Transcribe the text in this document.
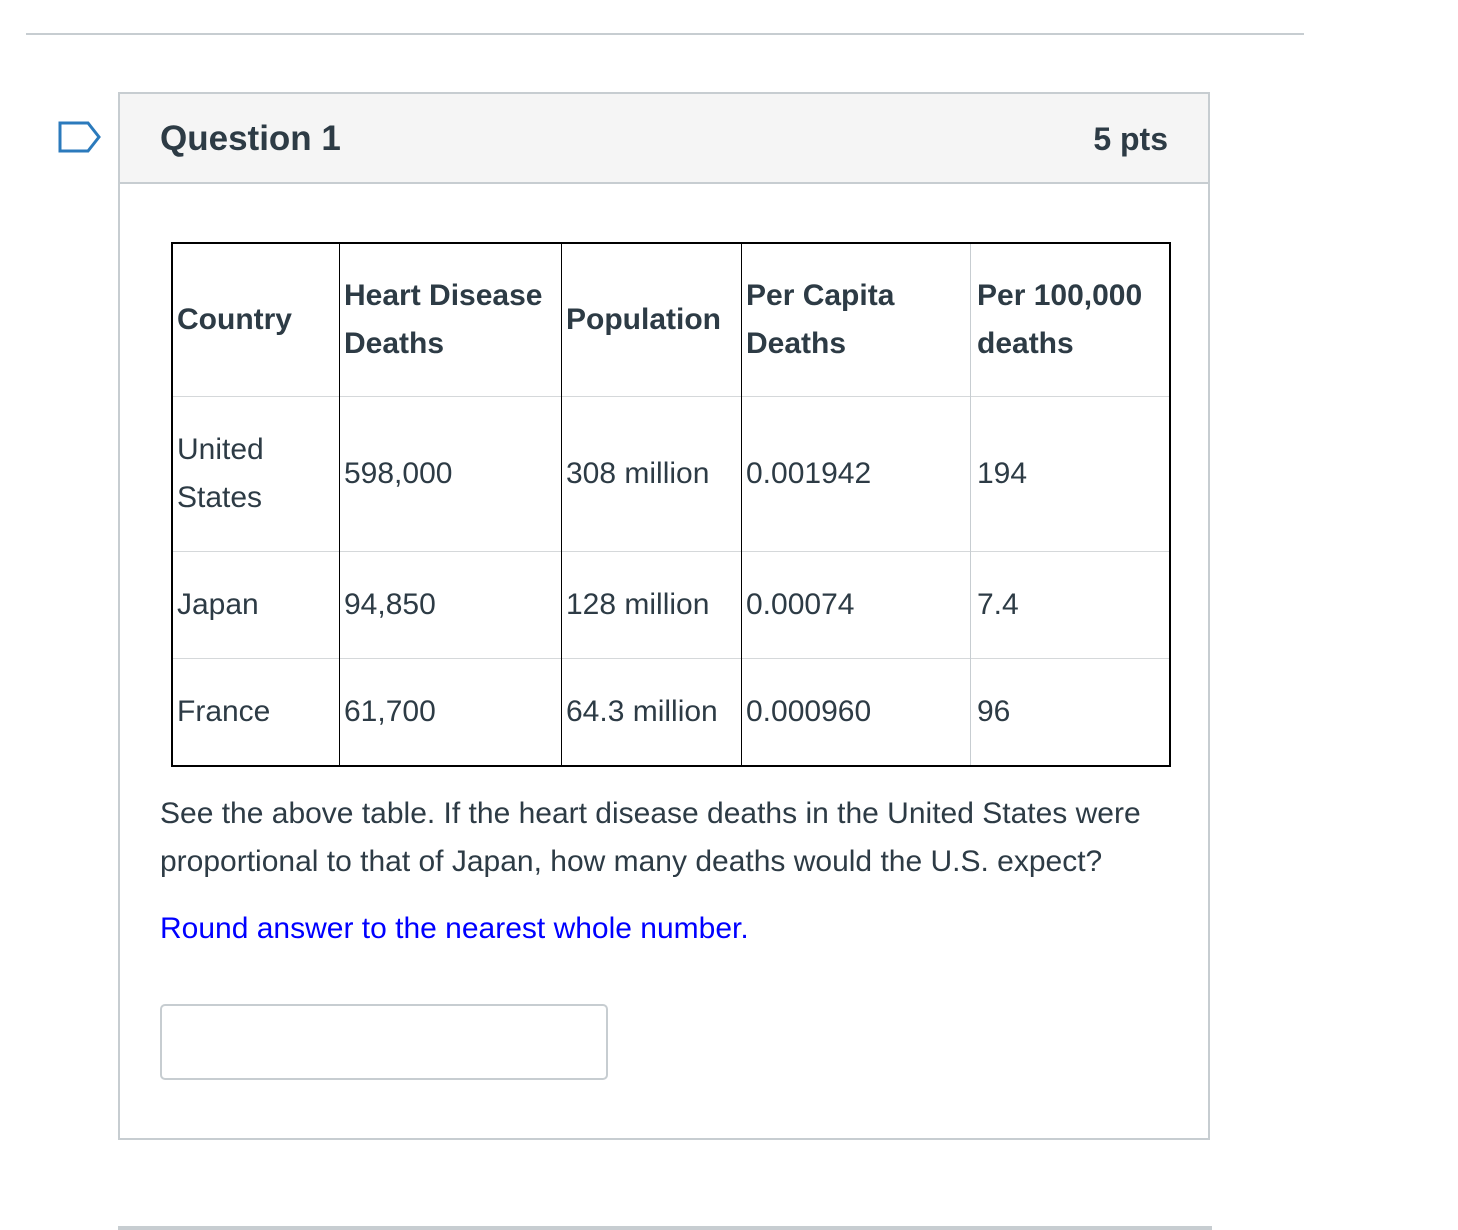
Question 1	5 pts
Country	Heart Disease Deaths	Population	Per Capita Deaths	Per 100,000 deaths
United States	598,000	308 million	0.001942	194
Japan	94,850	128 million	0.00074	7.4
France	61,700	64.3 million	0.000960	96
See the above table. If the heart disease deaths in the United States were proportional to that of Japan, how many deaths would the U.S. expect?
Round answer to the nearest whole number.
